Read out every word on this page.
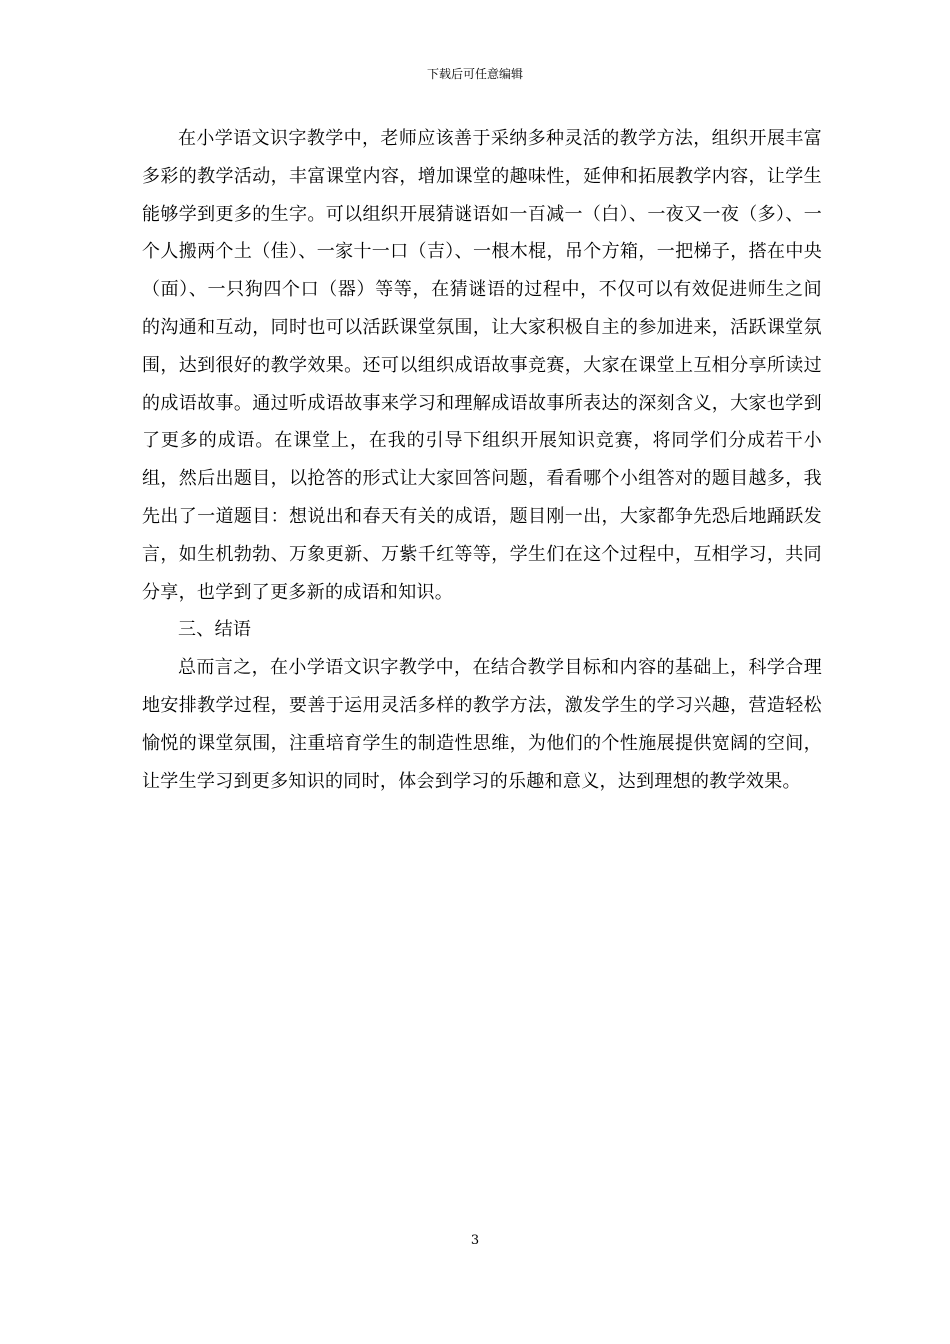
下载后可任意编辑

在小学语文识字教学中，老师应该善于采纳多种灵活的教学方法，组织开展丰富多彩的教学活动，丰富课堂内容，增加课堂的趣味性，延伸和拓展教学内容，让学生能够学到更多的生字。可以组织开展猜谜语如一百减一（白）、一夜又一夜（多）、一个人搬两个土（佳）、一家十一口（吉）、一根木棍，吊个方箱，一把梯子，搭在中央（面）、一只狗四个口（器）等等，在猜谜语的过程中，不仅可以有效促进师生之间的沟通和互动，同时也可以活跃课堂氛围，让大家积极自主的参加进来，活跃课堂氛围，达到很好的教学效果。还可以组织成语故事竞赛，大家在课堂上互相分享所读过的成语故事。通过听成语故事来学习和理解成语故事所表达的深刻含义，大家也学到了更多的成语。在课堂上，在我的引导下组织开展知识竞赛，将同学们分成若干小组，然后出题目，以抢答的形式让大家回答问题，看看哪个小组答对的题目越多，我先出了一道题目：想说出和春天有关的成语，题目刚一出，大家都争先恐后地踊跃发言，如生机勃勃、万象更新、万紫千红等等，学生们在这个过程中，互相学习，共同分享，也学到了更多新的成语和知识。

三、结语

总而言之，在小学语文识字教学中，在结合教学目标和内容的基础上，科学合理地安排教学过程，要善于运用灵活多样的教学方法，激发学生的学习兴趣，营造轻松愉悦的课堂氛围，注重培育学生的制造性思维，为他们的个性施展提供宽阔的空间，让学生学习到更多知识的同时，体会到学习的乐趣和意义，达到理想的教学效果。

3
